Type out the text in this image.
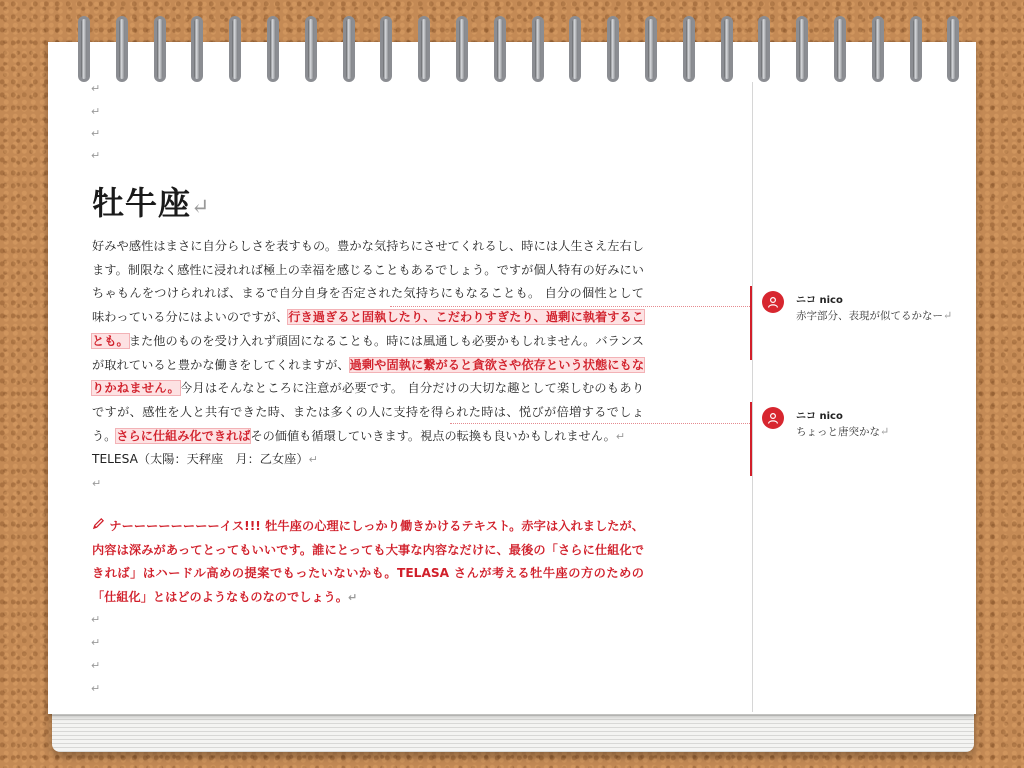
↵
↵
↵
↵
牡牛座↵
好みや感性はまさに自分らしさを表すもの。豊かな気持ちにさせてくれるし、時には人生さえ左右します。制限なく感性に浸れれば極上の幸福を感じることもあるでしょう。ですが個人特有の好みにいちゃもんをつけられれば、まるで自分自身を否定された気持ちにもなることも。 自分の個性として味わっている分にはよいのですが、行き過ぎると固執したり、こだわりすぎたり、過剰に執着することも。また他のものを受け入れず頑固になることも。時には風通しも必要かもしれません。バランスが取れていると豊かな働きをしてくれますが、過剰や固執に繋がると貪欲さや依存という状態にもなりかねません。今月はそんなところに注意が必要です。 自分だけの大切な趣として楽しむのもありですが、感性を人と共有できた時、または多くの人に支持を得られた時は、悦びが倍増するでしょう。さらに仕組み化できればその価値も循環していきます。視点の転換も良いかもしれません。↵
TELESA（太陽：天秤座　月：乙女座）↵
↵
ナーーーーーーーーイス!!! 牡牛座の心理にしっかり働きかけるテキスト。赤字は入れましたが、内容は深みがあってとってもいいです。誰にとっても大事な内容なだけに、最後の「さらに仕組化できれば」はハードル高めの提案でもったいないかも。TELASA さんが考える牡牛座の方のための「仕組化」とはどのようなものなのでしょう。↵
↵
↵
↵
↵
ニコ nico
赤字部分、表現が似てるかなー↵
ニコ nico
ちょっと唐突かな↵
